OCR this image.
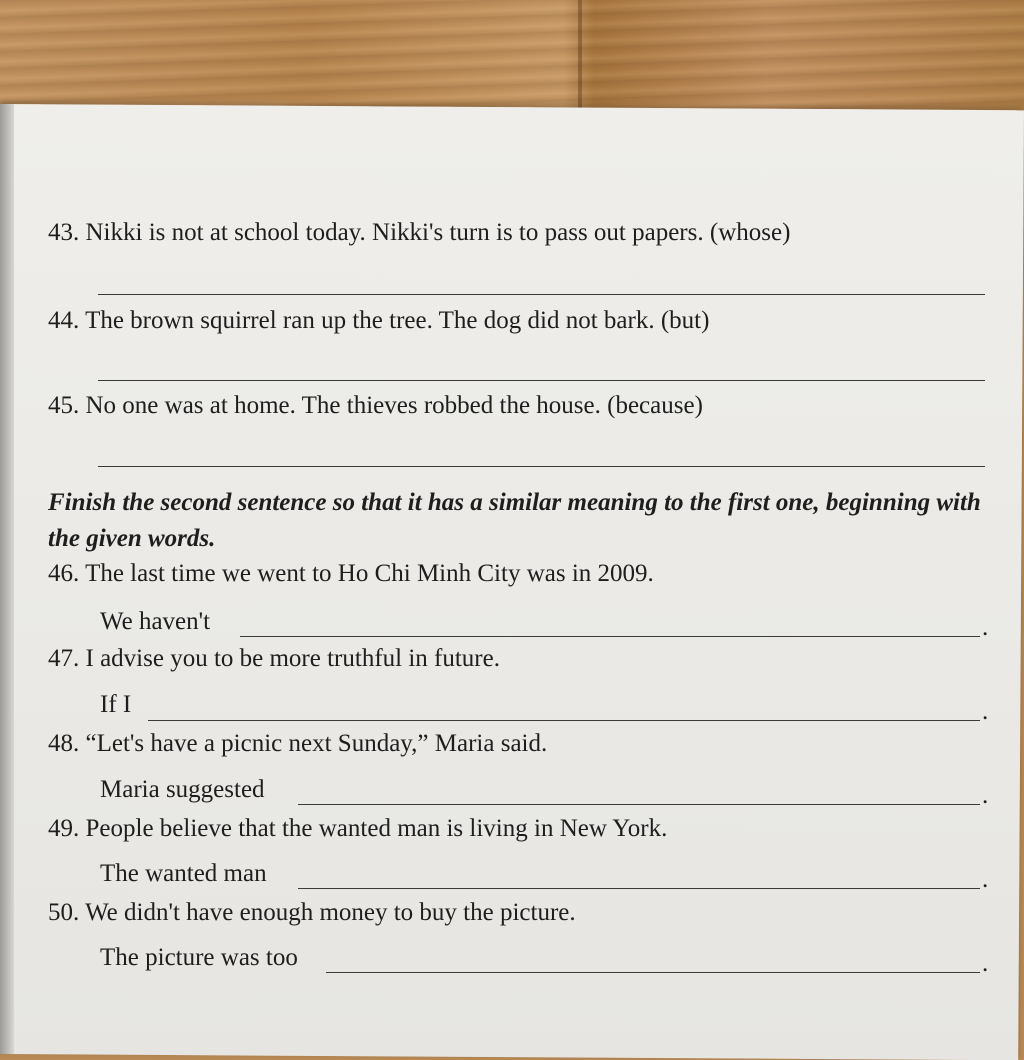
43. Nikki is not at school today. Nikki's turn is to pass out papers. (whose)
44. The brown squirrel ran up the tree. The dog did not bark. (but)
45. No one was at home. The thieves robbed the house. (because)
Finish the second sentence so that it has a similar meaning to the first one, beginning with the given words.
46. The last time we went to Ho Chi Minh City was in 2009.
We haven't	.
47. I advise you to be more truthful in future.
If I	.
48. “Let's have a picnic next Sunday,” Maria said.
Maria suggested	.
49. People believe that the wanted man is living in New York.
The wanted man	.
50. We didn't have enough money to buy the picture.
The picture was too	.
